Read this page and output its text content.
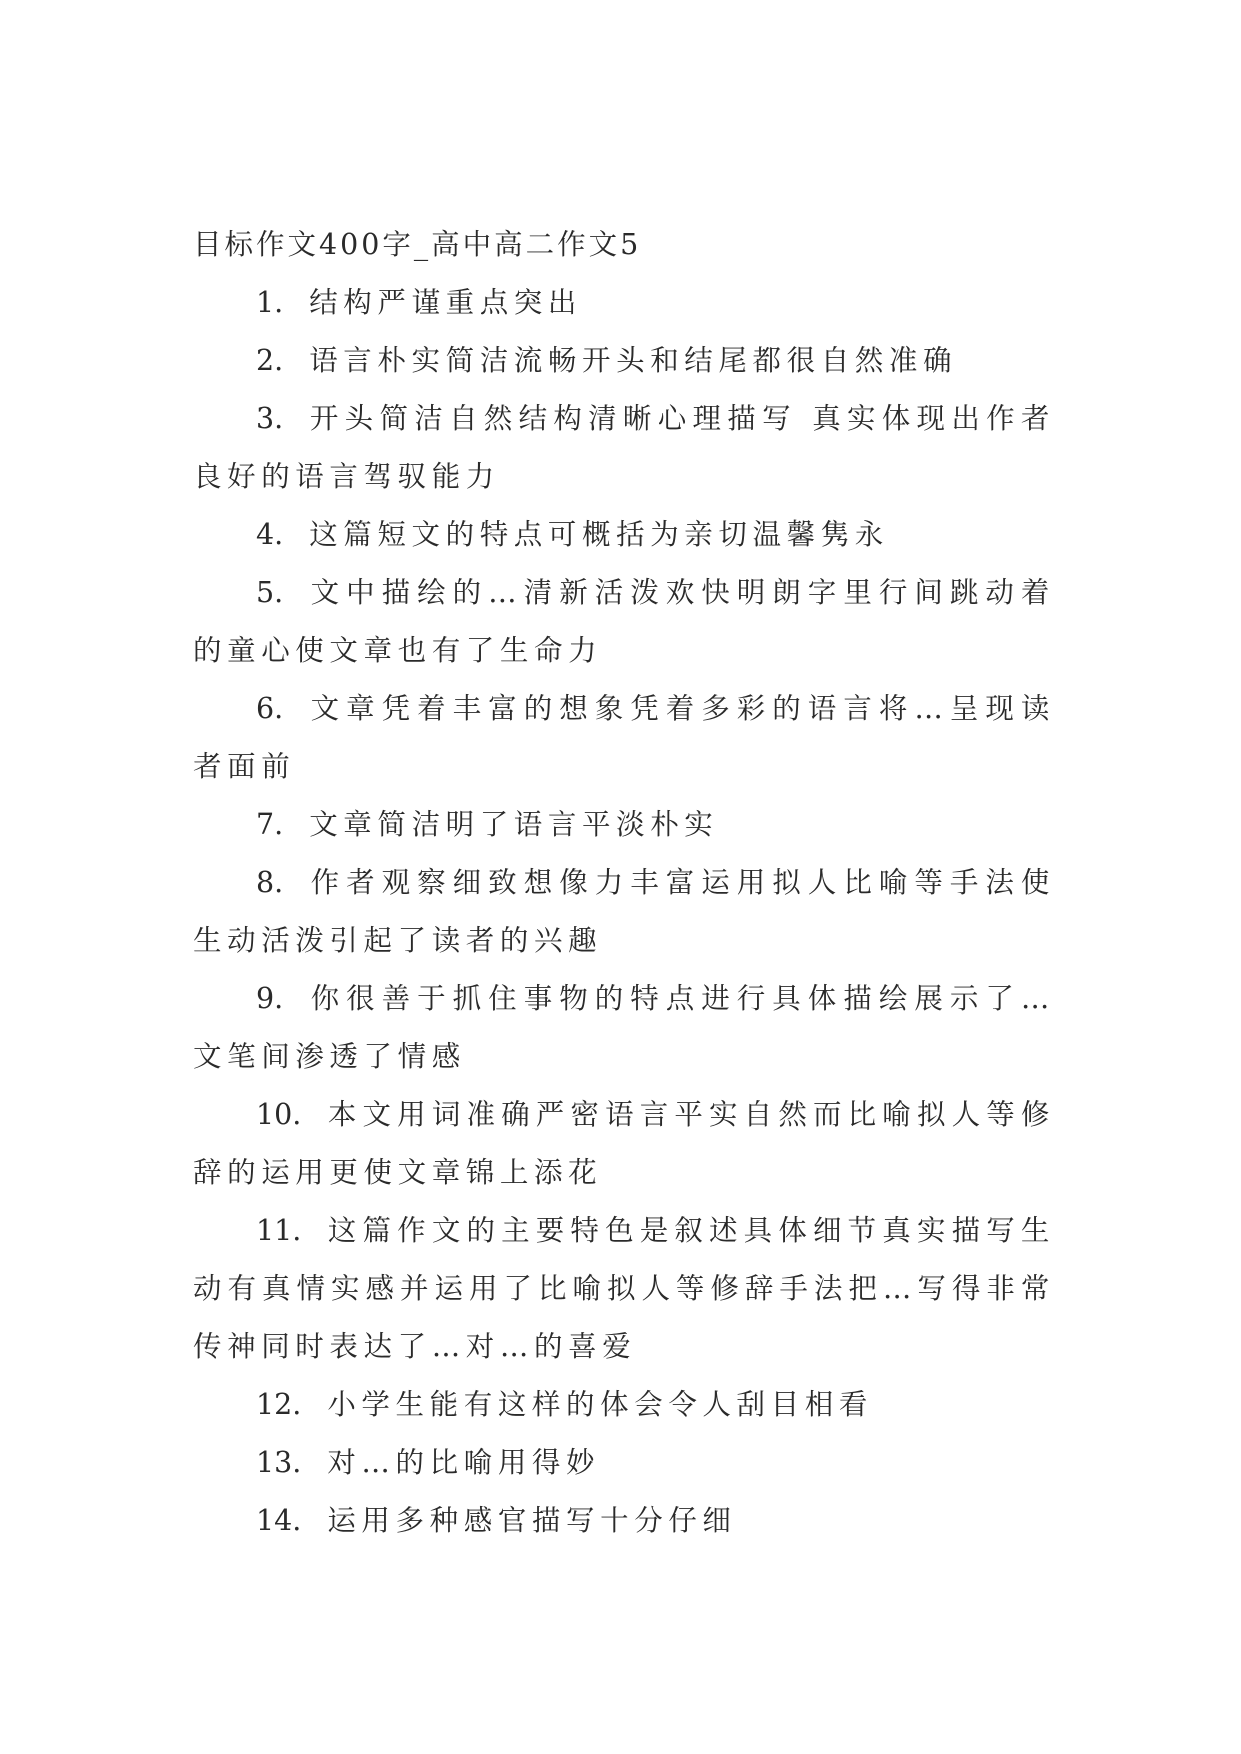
目标作文400字_高中高二作文5

1. 结构严谨重点突出

2. 语言朴实简洁流畅开头和结尾都很自然准确

3. 开头简洁自然结构清晰心理描写 真实体现出作者良好的语言驾驭能力

4. 这篇短文的特点可概括为亲切温馨隽永

5. 文中描绘的…清新活泼欢快明朗字里行间跳动着的童心使文章也有了生命力

6. 文章凭着丰富的想象凭着多彩的语言将…呈现读者面前

7. 文章简洁明了语言平淡朴实

8. 作者观察细致想像力丰富运用拟人比喻等手法使生动活泼引起了读者的兴趣

9. 你很善于抓住事物的特点进行具体描绘展示了…文笔间渗透了情感

10. 本文用词准确严密语言平实自然而比喻拟人等修辞的运用更使文章锦上添花

11. 这篇作文的主要特色是叙述具体细节真实描写生动有真情实感并运用了比喻拟人等修辞手法把…写得非常传神同时表达了…对…的喜爱

12. 小学生能有这样的体会令人刮目相看

13. 对…的比喻用得妙

14. 运用多种感官描写十分仔细
